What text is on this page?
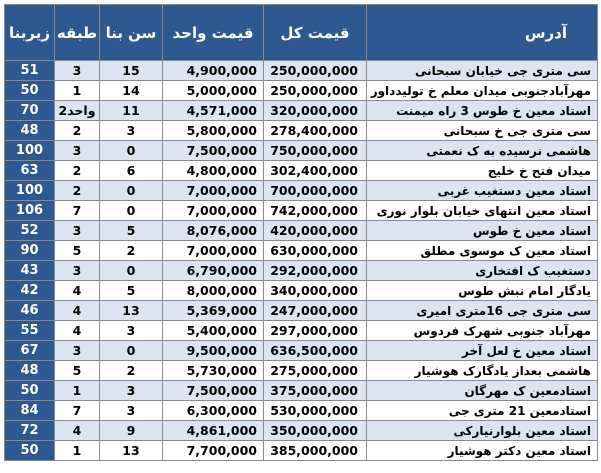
زیربنا	طبقه	سن بنا	قیمت واحد	قیمت کل	آدرس
51	3	15	4,900,000	250,000,000	سی متری جی خیابان سبحانی
50	1	14	5,000,000	250,000,000	مهرآبادجنوبی میدان معلم خ تولیدداور
70	2واحد	11	4,571,000	320,000,000	استاد معین خ طوس 3 راه میمنت
48	2	3	5,800,000	278,400,000	سی متری جی خ سبحانی
100	3	0	7,500,000	750,000,000	هاشمی نرسیده به ک نعمتی
63	2	6	4,800,000	302,400,000	میدان فتح خ خلیج
100	2	0	7,000,000	700,000,000	استاد معین دستغیب غربی
106	7	0	7,000,000	742,000,000	استاد معین انتهای خیابان بلوار نوری
52	3	5	8,076,000	420,000,000	استاد معین خ طوس
90	5	2	7,000,000	630,000,000	استاد معین ک موسوی مطلق
43	3	0	6,790,000	292,000,000	دستغیب ک افتخاری
42	4	5	8,000,000	340,000,000	یادگار امام نبش طوس
46	4	13	5,369,000	247,000,000	سی متری جی 16متری امیری
55	4	3	5,400,000	297,000,000	مهرآباد جنوبی شهرک فردوس
67	3	0	9,500,000	636,500,000	استاد معین خ لعل آخر
48	5	2	5,730,000	275,000,000	هاشمی بعداز یادگارک هوشیار
50	1	3	7,500,000	375,000,000	استادمعین ک مهرگان
84	7	3	6,300,000	530,000,000	استادمعین 21 متری جی
72	4	9	4,861,000	350,000,000	استاد معین بلوارنیارکی
50	1	13	7,700,000	385,000,000	استاد معین دکتر هوشیار
